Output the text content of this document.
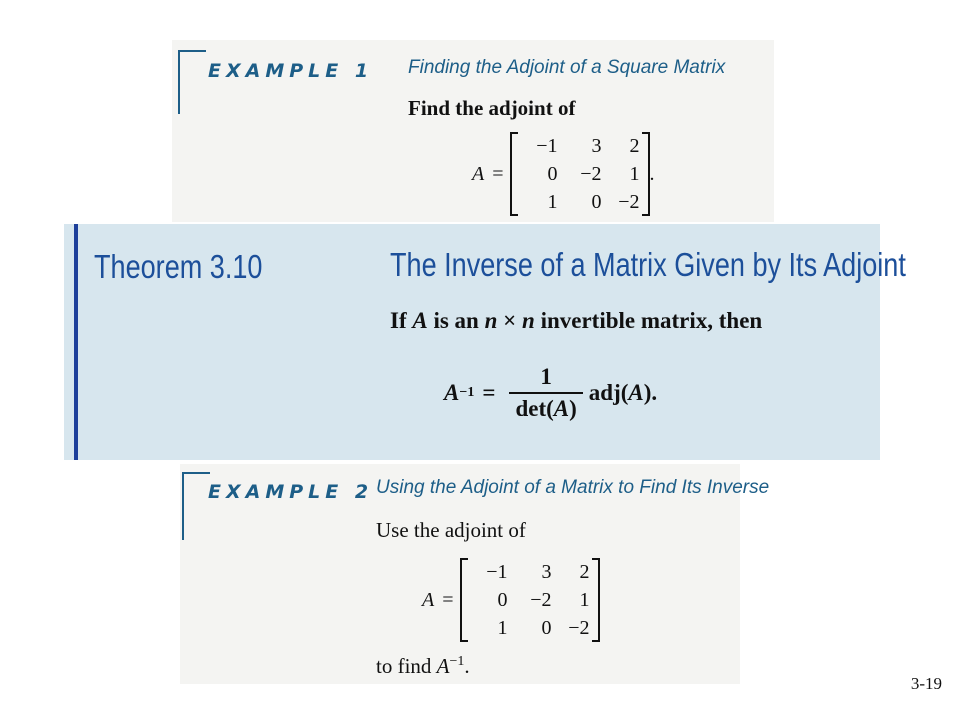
EXAMPLE 1 Finding the Adjoint of a Square Matrix
Find the adjoint of
A =
−1	3	2
0	−2	1
1	0 −2
.
Theorem 3.10	The Inverse of a Matrix Given by Its Adjoint
If A is an n × n invertible matrix, then
$A -1 = \frac{1}{\det(A)} adj$( A ).
EXAMPLE 2 Using the Adjoint of a Matrix to Find Its Inverse
Use the adjoint of
A =
−1	3	2
0	−2	1
1	0 −2
to find $A^{-1}$.
3-19
